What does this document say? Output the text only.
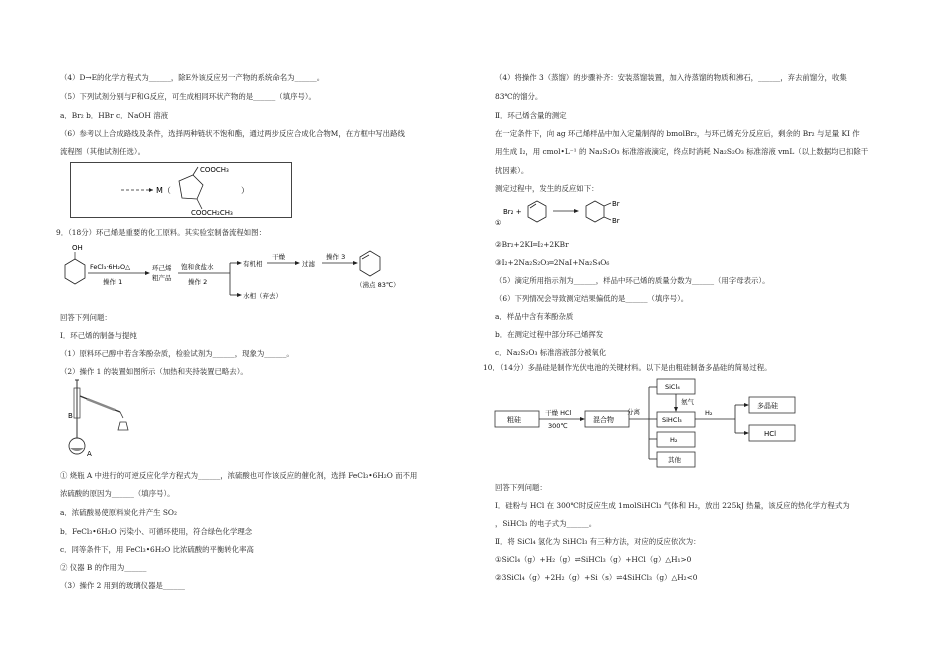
（4）D→E的化学方程式为______，除E外该反应另一产物的系统命名为______。
（5）下列试剂分别与F和G反应，可生成相同环状产物的是______（填序号）。
a．Br₂ b．HBr c．NaOH 溶液
（6）参考以上合成路线及条件，选择两种链状不饱和酯，通过两步反应合成化合物M，在方框中写出路线
流程图（其他试剂任选）。
M（
COOCH₃
COOCH₂CH₃
）
9．（18分）环己烯是重要的化工原料。其实验室制备流程如图：
OH
FeCl₃·6H₂O△
操作 1
环己烯
粗产品
饱和食盐水
操作 2
有机相
水相（弃去）
干燥
过滤
操作 3
（沸点 83℃）
回答下列问题：
Ⅰ．环己烯的制备与提纯
（1）原料环己醇中若含苯酚杂质，检验试剂为______，现象为______。
（2）操作 1 的装置如图所示（加热和夹持装置已略去）。
B
A
① 烧瓶 A 中进行的可逆反应化学方程式为______，浓硫酸也可作该反应的催化剂，选择 FeCl₃•6H₂O 而不用
浓硫酸的原因为______（填序号）。
a．浓硫酸易使原料炭化并产生 SO₂
b．FeCl₃•6H₂O 污染小、可循环使用，符合绿色化学理念
c．同等条件下，用 FeCl₃•6H₂O 比浓硫酸的平衡转化率高
② 仪器 B 的作用为______
（3）操作 2 用到的玻璃仪器是______
（4）将操作 3（蒸馏）的步骤补齐：安装蒸馏装置，加入待蒸馏的物质和沸石，______，弃去前馏分，收集
83℃的馏分。
Ⅱ．环己烯含量的测定
在一定条件下，向 ag 环己烯样品中加入定量制得的 bmolBr₂，与环己烯充分反应后，剩余的 Br₂ 与足量 KI 作
用生成 I₂，用 cmol•L⁻¹ 的 Na₂S₂O₃ 标准溶液滴定，终点时消耗 Na₂S₂O₃ 标准溶液 vmL（以上数据均已扣除干
扰因素）。
测定过程中，发生的反应如下：
①
Br₂ +
Br
Br
②Br₂+2KI═I₂+2KBr
③I₂+2Na₂S₂O₃═2NaI+Na₂S₄O₆
（5）滴定所用指示剂为______，样品中环己烯的质量分数为______（用字母表示）。
（6）下列情况会导致测定结果偏低的是______（填序号）。
a．样品中含有苯酚杂质
b．在测定过程中部分环己烯挥发
c．Na₂S₂O₃ 标准溶液部分被氧化
10．（14分）多晶硅是制作光伏电池的关键材料。以下是由粗硅制备多晶硅的简易过程。
粗硅
干燥 HCl
300℃
混合物
分离
SiCl₄
氨气
SiHCl₃
H₂
其他
H₂
多晶硅
HCl
回答下列问题：
Ⅰ．硅粉与 HCl 在 300℃时反应生成 1molSiHCl₃ 气体和 H₂，放出 225kJ 热量，该反应的热化学方程式为
，SiHCl₃ 的电子式为______。
Ⅱ．将 SiCl₄ 氢化为 SiHCl₃ 有三种方法，对应的反应依次为：
①SiCl₄（g）+H₂（g）⇌SiHCl₃（g）+HCl（g）△H₁>0
②3SiCl₄（g）+2H₂（g）+Si（s）⇌4SiHCl₃（g）△H₂<0
